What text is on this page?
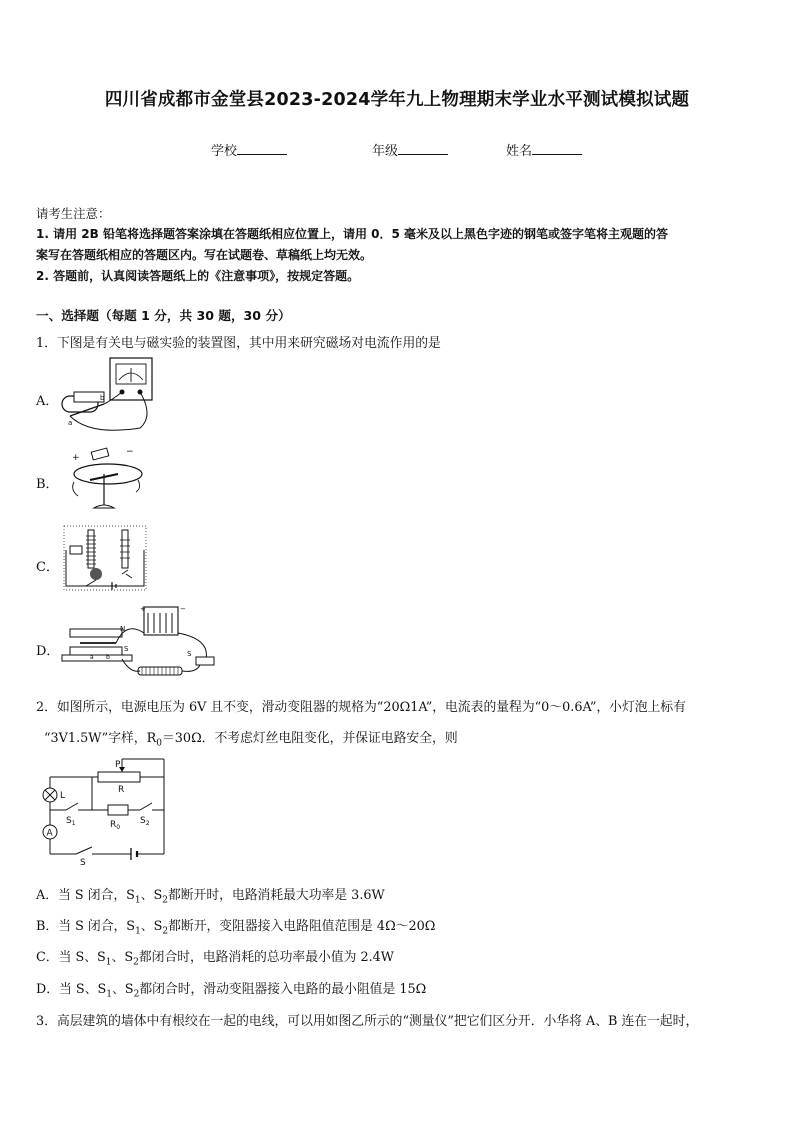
四川省成都市金堂县2023-2024学年九上物理期末学业水平测试模拟试题
学校	年级	姓名
请考生注意：
1. 请用 2B 铅笔将选择题答案涂填在答题纸相应位置上，请用 0．5 毫米及以上黑色字迹的钢笔或签字笔将主观题的答
案写在答题纸相应的答题区内。写在试题卷、草稿纸上均无效。
2. 答题前，认真阅读答题纸上的《注意事项》，按规定答题。
一、选择题（每题 1 分，共 30 题，30 分）
1．下图是有关电与磁实验的装置图，其中用来研究磁场对电流作用的是
A．	b
a
B．
+
−
C．
D．
+	−
N
S
a b	S
2．如图所示，电源电压为 6V 且不变，滑动变阻器的规格为“20Ω1A”，电流表的量程为“0～0.6A”，小灯泡上标有
“3V1.5W”字样，$R_0=30\Omega$．不考虑灯丝电阻变化，并保证电路安全，则
P
R
L
A
$S_1$	$R_0$
$S_2$
S
A．当 S 闭合，$S_1$、$S_2$都断开时，电路消耗最大功率是 3.6W
B．当 S 闭合，$S_1$、$S_2$都断开，变阻器接入电路阻值范围是 4Ω～20Ω
C．当 S、$S_1$、$S_2$都闭合时，电路消耗的总功率最小值为 2.4W
D．当 S、$S_1$、$S_2$都闭合时，滑动变阻器接入电路的最小阻值是 15Ω
3．高层建筑的墙体中有根绞在一起的电线，可以用如图乙所示的“测量仪”把它们区分开．小华将 A、B 连在一起时，
